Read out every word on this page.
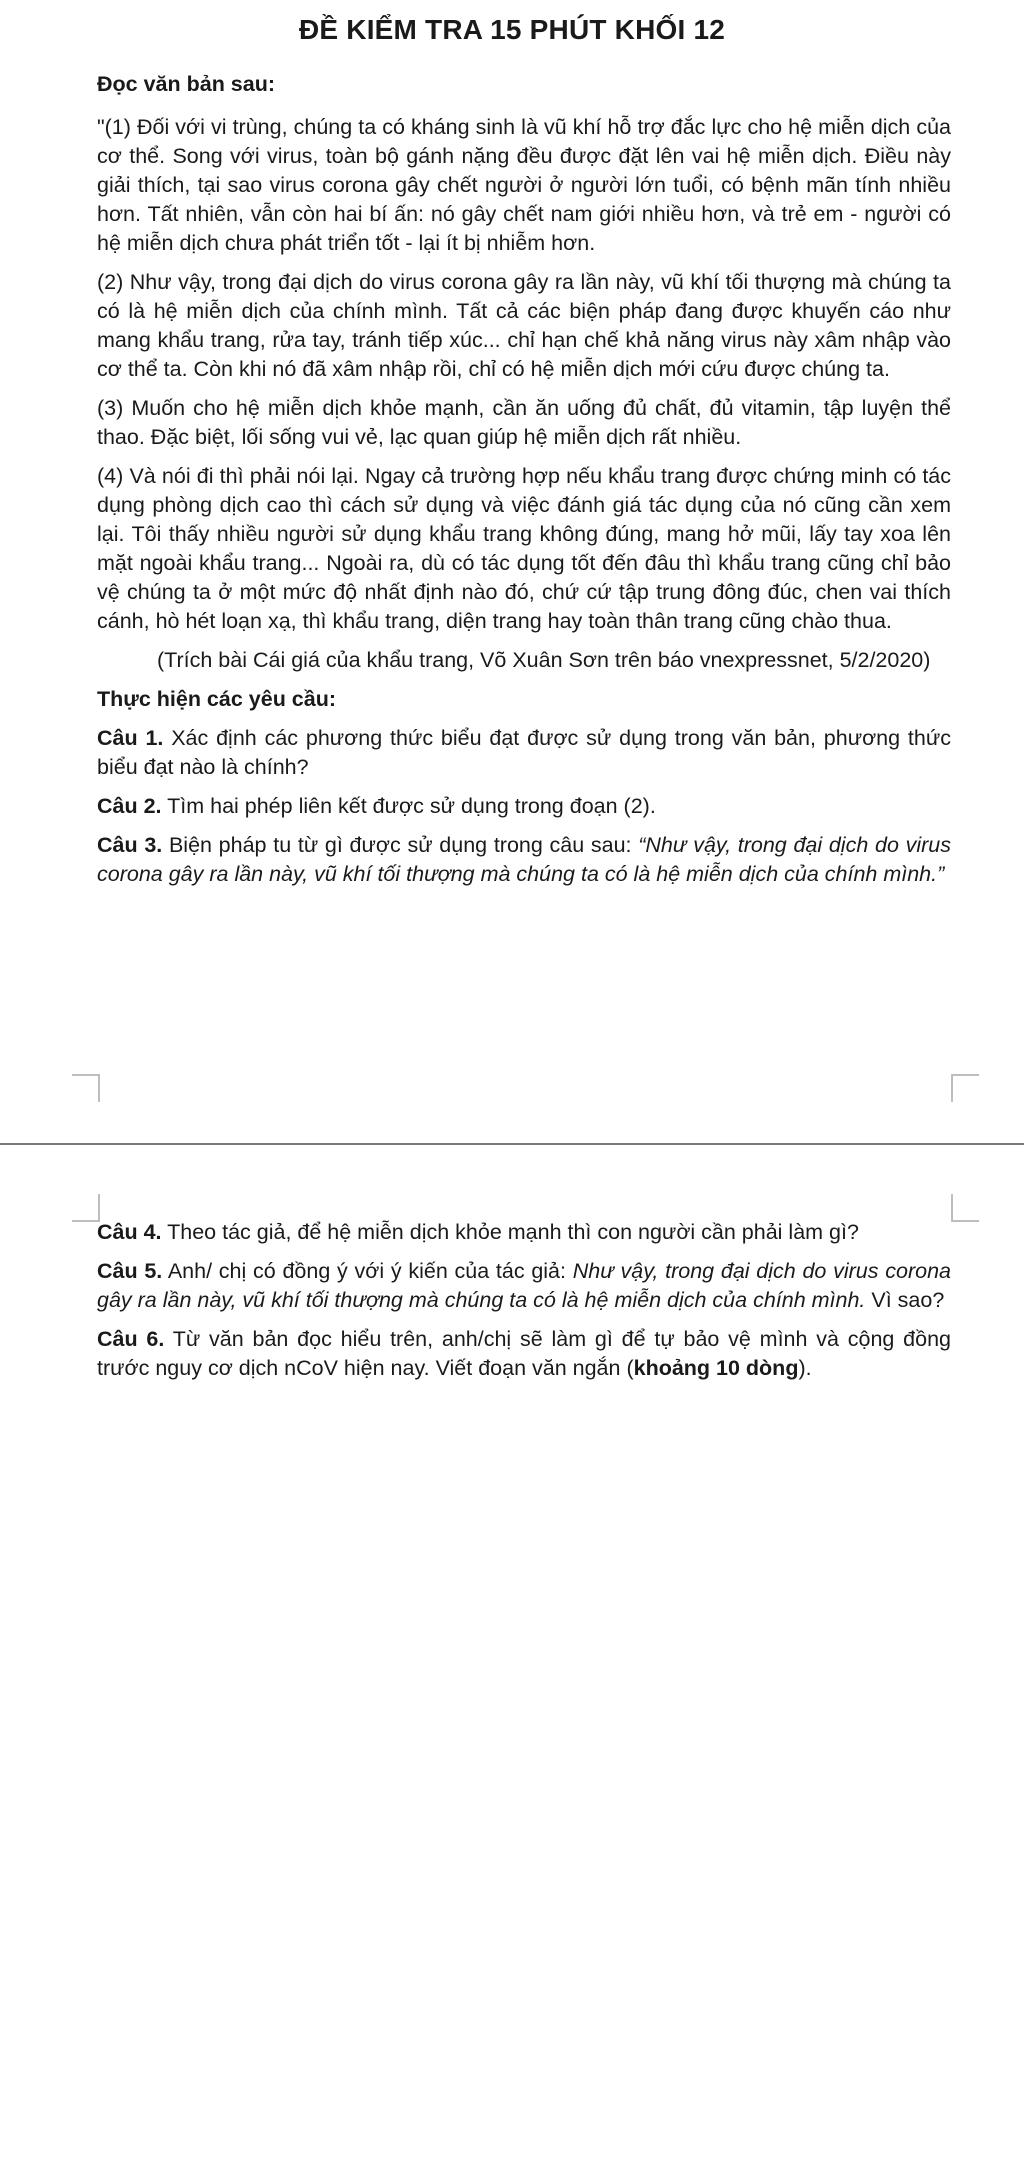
ĐỀ KIỂM TRA 15 PHÚT KHỐI 12

Đọc văn bản sau:

"(1) Đối với vi trùng, chúng ta có kháng sinh là vũ khí hỗ trợ đắc lực cho hệ miễn dịch của cơ thể. Song với virus, toàn bộ gánh nặng đều được đặt lên vai hệ miễn dịch. Điều này giải thích, tại sao virus corona gây chết người ở người lớn tuổi, có bệnh mãn tính nhiều hơn. Tất nhiên, vẫn còn hai bí ấn: nó gây chết nam giới nhiều hơn, và trẻ em - người có hệ miễn dịch chưa phát triển tốt - lại ít bị nhiễm hơn.

(2) Như vậy, trong đại dịch do virus corona gây ra lần này, vũ khí tối thượng mà chúng ta có là hệ miễn dịch của chính mình. Tất cả các biện pháp đang được khuyến cáo như mang khẩu trang, rửa tay, tránh tiếp xúc... chỉ hạn chế khả năng virus này xâm nhập vào cơ thể ta. Còn khi nó đã xâm nhập rồi, chỉ có hệ miễn dịch mới cứu được chúng ta.

(3) Muốn cho hệ miễn dịch khỏe mạnh, cần ăn uống đủ chất, đủ vitamin, tập luyện thể thao. Đặc biệt, lối sống vui vẻ, lạc quan giúp hệ miễn dịch rất nhiều.

(4) Và nói đi thì phải nói lại. Ngay cả trường hợp nếu khẩu trang được chứng minh có tác dụng phòng dịch cao thì cách sử dụng và việc đánh giá tác dụng của nó cũng cần xem lại. Tôi thấy nhiều người sử dụng khẩu trang không đúng, mang hở mũi, lấy tay xoa lên mặt ngoài khẩu trang... Ngoài ra, dù có tác dụng tốt đến đâu thì khẩu trang cũng chỉ bảo vệ chúng ta ở một mức độ nhất định nào đó, chứ cứ tập trung đông đúc, chen vai thích cánh, hò hét loạn xạ, thì khẩu trang, diện trang hay toàn thân trang cũng chào thua.

(Trích bài Cái giá của khẩu trang, Võ Xuân Sơn trên báo vnexpressnet, 5/2/2020)

Thực hiện các yêu cầu:

Câu 1. Xác định các phương thức biểu đạt được sử dụng trong văn bản, phương thức biểu đạt nào là chính?

Câu 2. Tìm hai phép liên kết được sử dụng trong đoạn (2).

Câu 3. Biện pháp tu từ gì được sử dụng trong câu sau: “Như vậy, trong đại dịch do virus corona gây ra lần này, vũ khí tối thượng mà chúng ta có là hệ miễn dịch của chính mình.”

Câu 4. Theo tác giả, để hệ miễn dịch khỏe mạnh thì con người cần phải làm gì?

Câu 5. Anh/ chị có đồng ý với ý kiến của tác giả: Như vậy, trong đại dịch do virus corona gây ra lần này, vũ khí tối thượng mà chúng ta có là hệ miễn dịch của chính mình. Vì sao?

Câu 6. Từ văn bản đọc hiểu trên, anh/chị sẽ làm gì để tự bảo vệ mình và cộng đồng trước nguy cơ dịch nCoV hiện nay. Viết đoạn văn ngắn (khoảng 10 dòng).
